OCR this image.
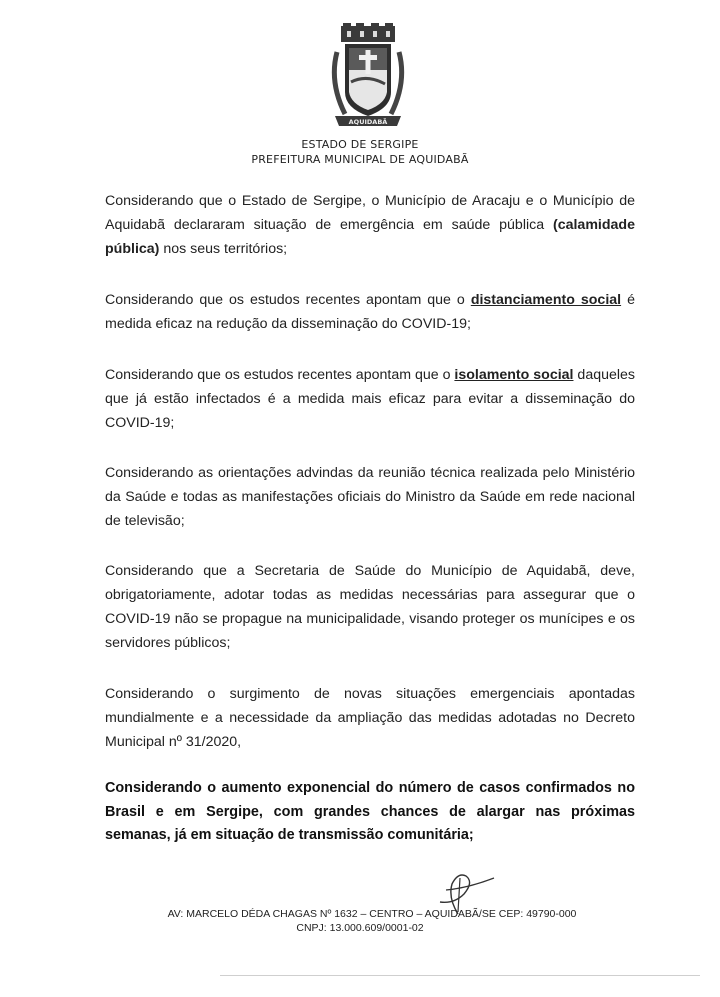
AQUIDABÃ
ESTADO DE SERGIPE
PREFEITURA MUNICIPAL DE AQUIDABÃ
Considerando que o Estado de Sergipe, o Município de Aracaju e o Município de Aquidabã declararam situação de emergência em saúde pública (calamidade pública) nos seus territórios;
Considerando que os estudos recentes apontam que o distanciamento social é medida eficaz na redução da disseminação do COVID-19;
Considerando que os estudos recentes apontam que o isolamento social daqueles que já estão infectados é a medida mais eficaz para evitar a disseminação do COVID-19;
Considerando as orientações advindas da reunião técnica realizada pelo Ministério da Saúde e todas as manifestações oficiais do Ministro da Saúde em rede nacional de televisão;
Considerando que a Secretaria de Saúde do Município de Aquidabã, deve, obrigatoriamente, adotar todas as medidas necessárias para assegurar que o COVID-19 não se propague na municipalidade, visando proteger os munícipes e os servidores públicos;
Considerando o surgimento de novas situações emergenciais apontadas mundialmente e a necessidade da ampliação das medidas adotadas no Decreto Municipal nº 31/2020,
Considerando o aumento exponencial do número de casos confirmados no Brasil e em Sergipe, com grandes chances de alargar nas próximas semanas, já em situação de transmissão comunitária;
AV: MARCELO DÉDA CHAGAS Nº 1632 – CENTRO – AQUIDABÃ/SE CEP: 49790-000
CNPJ: 13.000.609/0001-02
